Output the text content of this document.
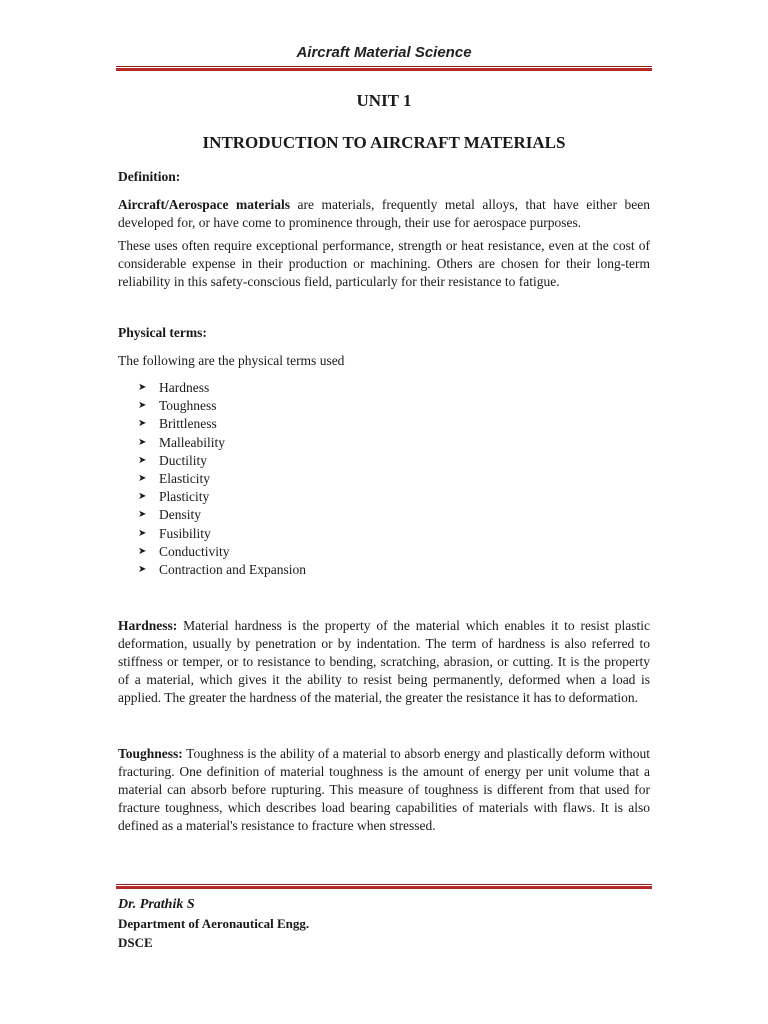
Aircraft Material Science
UNIT 1
INTRODUCTION TO AIRCRAFT MATERIALS
Definition:

Aircraft/Aerospace materials are materials, frequently metal alloys, that have either been developed for, or have come to prominence through, their use for aerospace purposes.

These uses often require exceptional performance, strength or heat resistance, even at the cost of considerable expense in their production or machining. Others are chosen for their long-term reliability in this safety-conscious field, particularly for their resistance to fatigue.

Physical terms:

The following are the physical terms used

➤ Hardness
➤ Toughness
➤ Brittleness
➤ Malleability
➤ Ductility
➤ Elasticity
➤ Plasticity
➤ Density
➤ Fusibility
➤ Conductivity
➤ Contraction and Expansion

Hardness: Material hardness is the property of the material which enables it to resist plastic deformation, usually by penetration or by indentation. The term of hardness is also referred to stiffness or temper, or to resistance to bending, scratching, abrasion, or cutting. It is the property of a material, which gives it the ability to resist being permanently, deformed when a load is applied. The greater the hardness of the material, the greater the resistance it has to deformation.

Toughness: Toughness is the ability of a material to absorb energy and plastically deform without fracturing. One definition of material toughness is the amount of energy per unit volume that a material can absorb before rupturing. This measure of toughness is different from that used for fracture toughness, which describes load bearing capabilities of materials with flaws. It is also defined as a material's resistance to fracture when stressed.

Dr. Prathik S
Department of Aeronautical Engg.
DSCE
